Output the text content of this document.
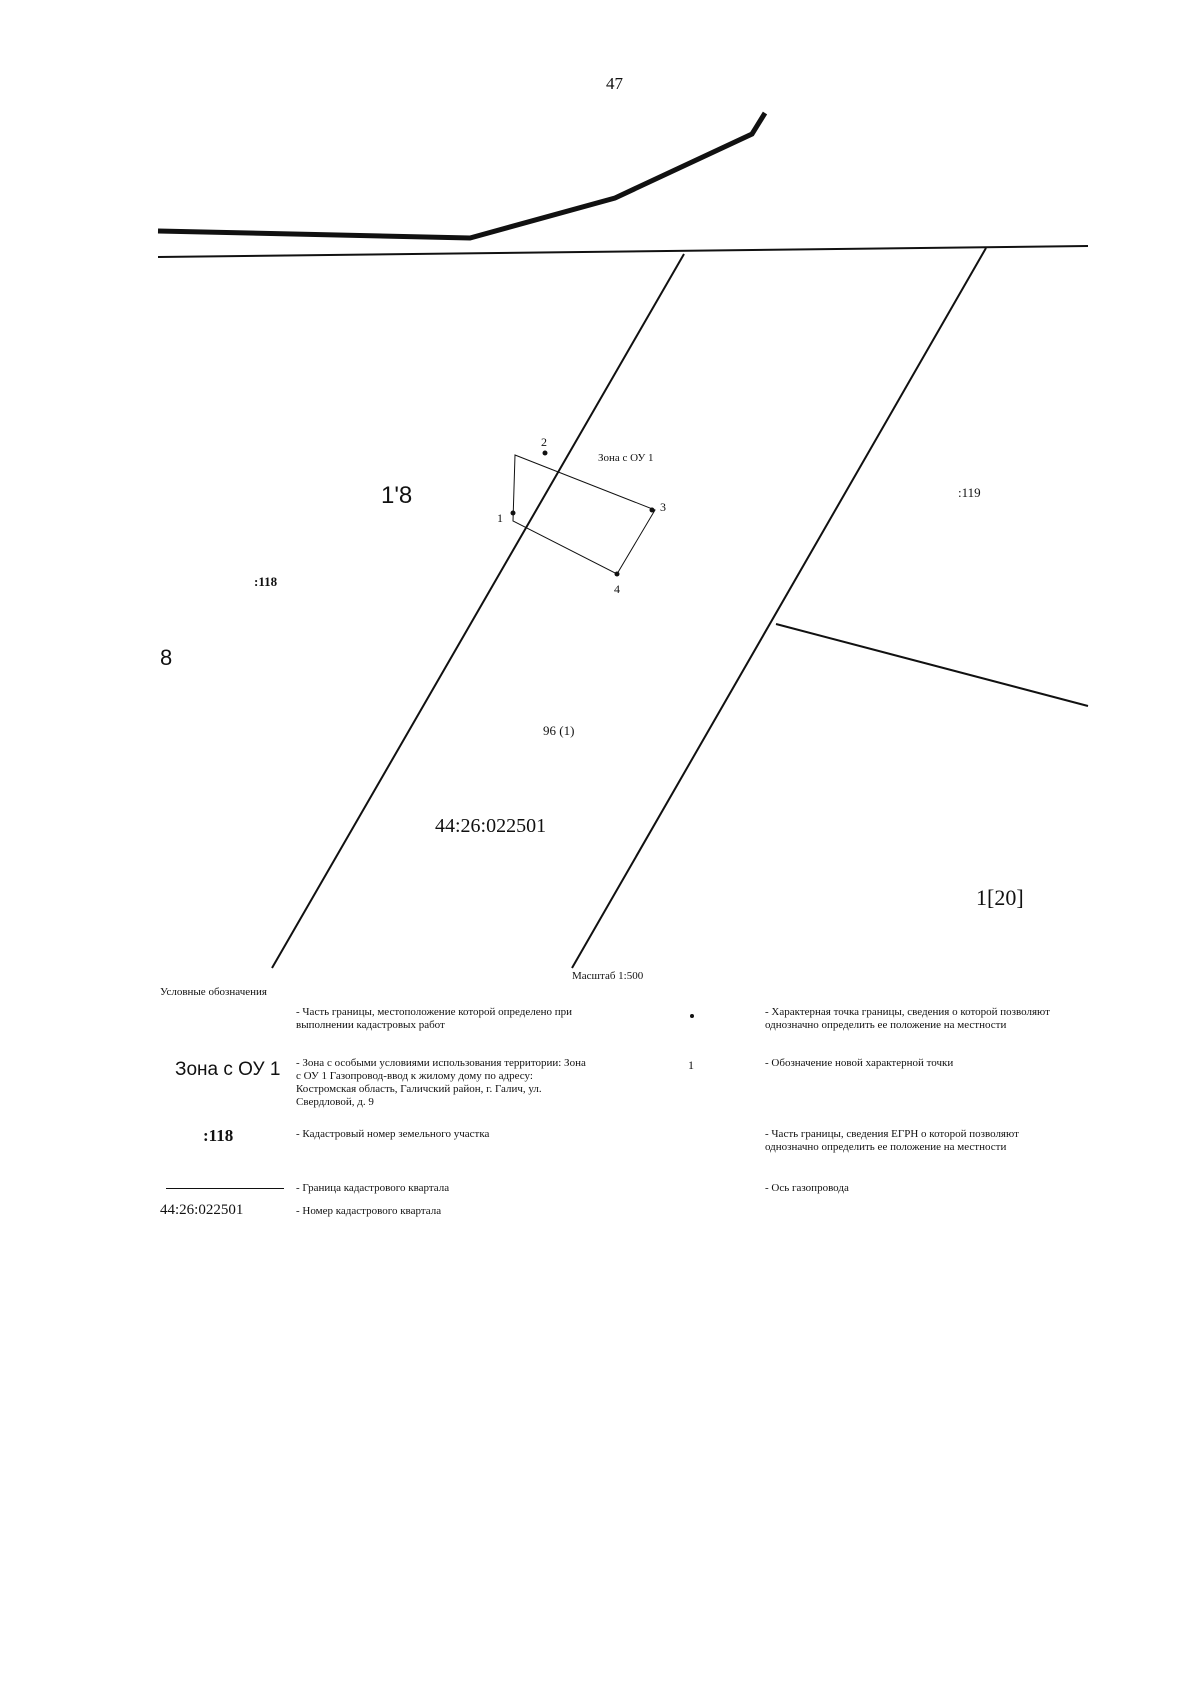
47
1
2
3
4
Зона с ОУ 1
1'8
:118
:119
1[20]
8
96 (1)
44:26:022501
Масштаб 1:500
Условные обозначения
- Часть границы, местоположение которой определено при выполнении кадастровых работ
Зона с ОУ 1 - Зона с особыми условиями использования территории: Зона с ОУ 1 Газопровод-ввод к жилому дому по адресу: Костромская область, Галичский район, г. Галич, ул. Свердловой, д. 9
:118	- Кадастровый номер земельного участка
- Граница кадастрового квартала
44:26:022501	- Номер кадастрового квартала
- Характерная точка границы, сведения о которой позволяют однозначно определить ее положение на местности
1	- Обозначение новой характерной точки
- Часть границы, сведения ЕГРН о которой позволяют однозначно определить ее положение на местности
- Ось газопровода
